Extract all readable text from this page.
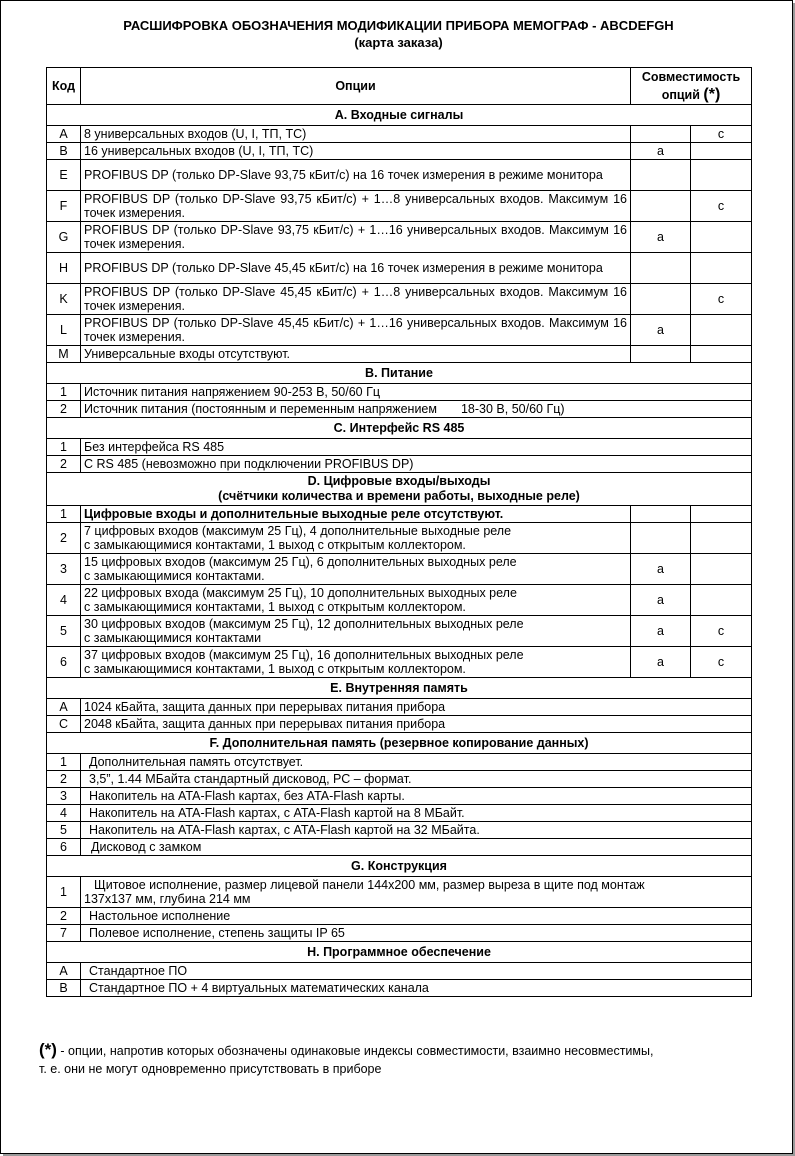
РАСШИФРОВКА ОБОЗНАЧЕНИЯ МОДИФИКАЦИИ ПРИБОРА МЕМОГРАФ - ABCDEFGH
(карта заказа)
Код	Опции	Совместимость
опций (*)	
A. Входные сигналы			
A	8 универсальных входов (U, I, ТП, ТС)		c
B	16 универсальных входов (U, I, ТП, ТС)	a	
E	PROFIBUS DP (только DP-Slave 93,75 кБит/с) на 16 точек измерения в режиме монитора		
F	PROFIBUS DP (только DP-Slave 93,75 кБит/с) + 1…8 универсальных входов. Максимум 16 точек измерения.		c
G	PROFIBUS DP (только DP-Slave 93,75 кБит/с) + 1…16 универсальных входов. Максимум 16 точек измерения.	a	
H	PROFIBUS DP (только DP-Slave 45,45 кБит/с) на 16 точек измерения в режиме монитора		
K	PROFIBUS DP (только DP-Slave 45,45 кБит/с) + 1…8 универсальных входов. Максимум 16 точек измерения.		c
L	PROFIBUS DP (только DP-Slave 45,45 кБит/с) + 1…16 универсальных входов. Максимум 16 точек измерения.	a	
M	Универсальные входы отсутствуют.		
B. Питание			
1	Источник питания напряжением 90-253 В, 50/60 Гц		
2	Источник питания (постоянным и переменным напряжением 18-30 В, 50/60 Гц)		
C. Интерфейс RS 485			
1	Без интерфейса RS 485		
2	С RS 485 (невозможно при подключении PROFIBUS DP)		
D. Цифровые входы/выходы
(счётчики количества и времени работы, выходные реле)			
1	Цифровые входы и дополнительные выходные реле отсутствуют.		
2	7 цифровых входов (максимум 25 Гц), 4 дополнительные выходные реле
с замыкающимися контактами, 1 выход с открытым коллектором.		
3	15 цифровых входов (максимум 25 Гц), 6 дополнительных выходных реле
с замыкающимися контактами.	a	
4	22 цифровых входа (максимум 25 Гц), 10 дополнительных выходных реле
с замыкающимися контактами, 1 выход с открытым коллектором.	a	
5	30 цифровых входов (максимум 25 Гц), 12 дополнительных выходных реле
с замыкающимися контактами	a	c
6	37 цифровых входов (максимум 25 Гц), 16 дополнительных выходных реле
с замыкающимися контактами, 1 выход с открытым коллектором.	a	c
E. Внутренняя память			
A	1024 кБайта, защита данных при перерывах питания прибора		
C	2048 кБайта, защита данных при перерывах питания прибора		
F. Дополнительная память (резервное копирование данных)			
1	Дополнительная память отсутствует.		
2	3,5”, 1.44 МБайта стандартный дисковод, РС – формат.		
3	Накопитель на ATA-Flash картах, без ATA-Flash карты.		
4	Накопитель на ATA-Flash картах, с ATA-Flash картой на 8 МБайт.		
5	Накопитель на ATA-Flash картах, с ATA-Flash картой на 32 МБайта.		
6	Дисковод с замком		
G. Конструкция			
1	Щитовое исполнение, размер лицевой панели 144х200 мм, размер выреза в щите под монтаж
137х137 мм, глубина 214 мм		
2	Настольное исполнение		
7	Полевое исполнение, степень защиты IP 65		
H. Программное обеспечение			
A	Стандартное ПО		
B	Стандартное ПО + 4 виртуальных математических канала		
(*) - опции, напротив которых обозначены одинаковые индексы совместимости, взаимно несовместимы,
т. е. они не могут одновременно присутствовать в приборе
